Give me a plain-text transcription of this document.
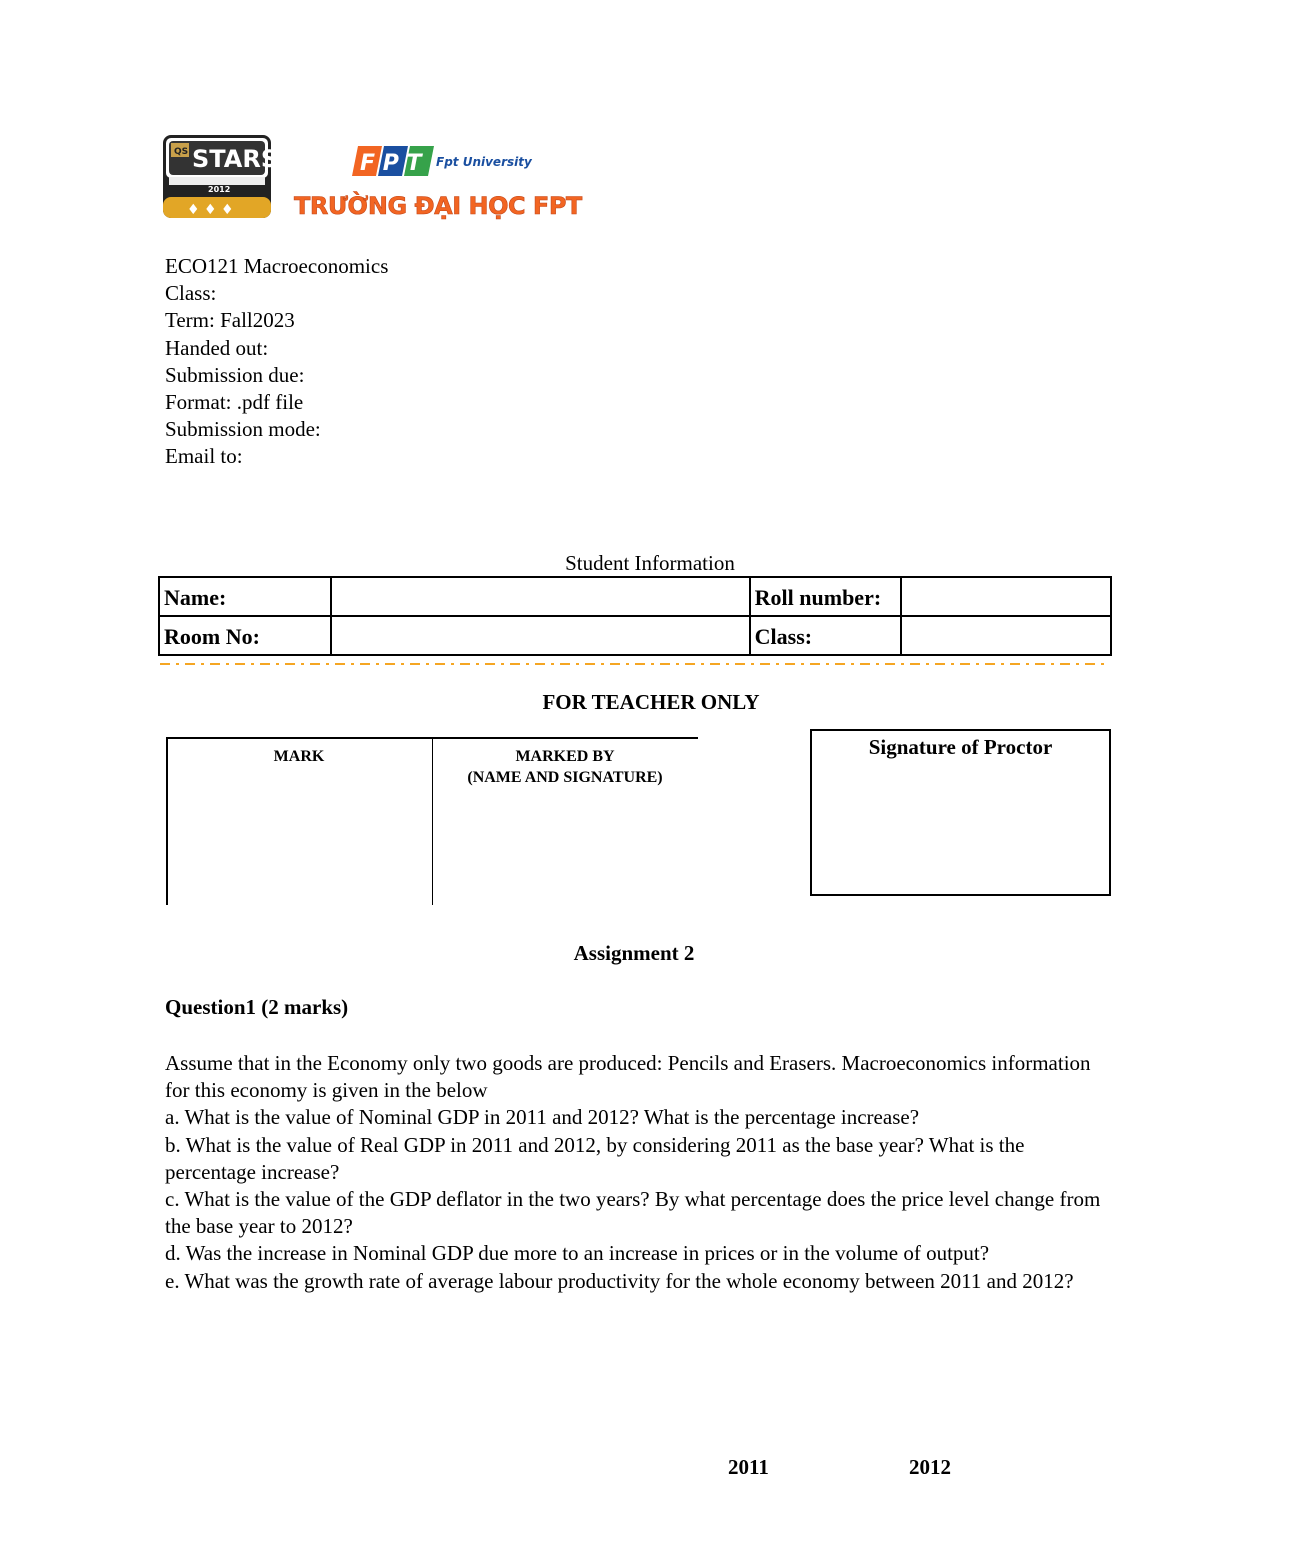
QS STARS
2012
♦ ♦ ♦
F P T Fpt University
TRƯỜNG ĐẠI HỌC FPT
ECO121 Macroeconomics
Class:
Term: Fall2023
Handed out:
Submission due:
Format: .pdf file
Submission mode:
Email to:
Student Information
Name:		Roll number:	
Room No:		Class:	
FOR TEACHER ONLY
MARK	MARKED BY
(NAME AND SIGNATURE)
Signature of Proctor
Assignment 2
Question1 (2 marks)
Assume that in the Economy only two goods are produced: Pencils and Erasers. Macroeconomics information for this economy is given in the below
a. What is the value of Nominal GDP in 2011 and 2012? What is the percentage increase?
b. What is the value of Real GDP in 2011 and 2012, by considering 2011 as the base year? What is the percentage increase?
c. What is the value of the GDP deflator in the two years? By what percentage does the price level change from the base year to 2012?
d. Was the increase in Nominal GDP due more to an increase in prices or in the volume of output?
e. What was the growth rate of average labour productivity for the whole economy between 2011 and 2012?
2011	2012
